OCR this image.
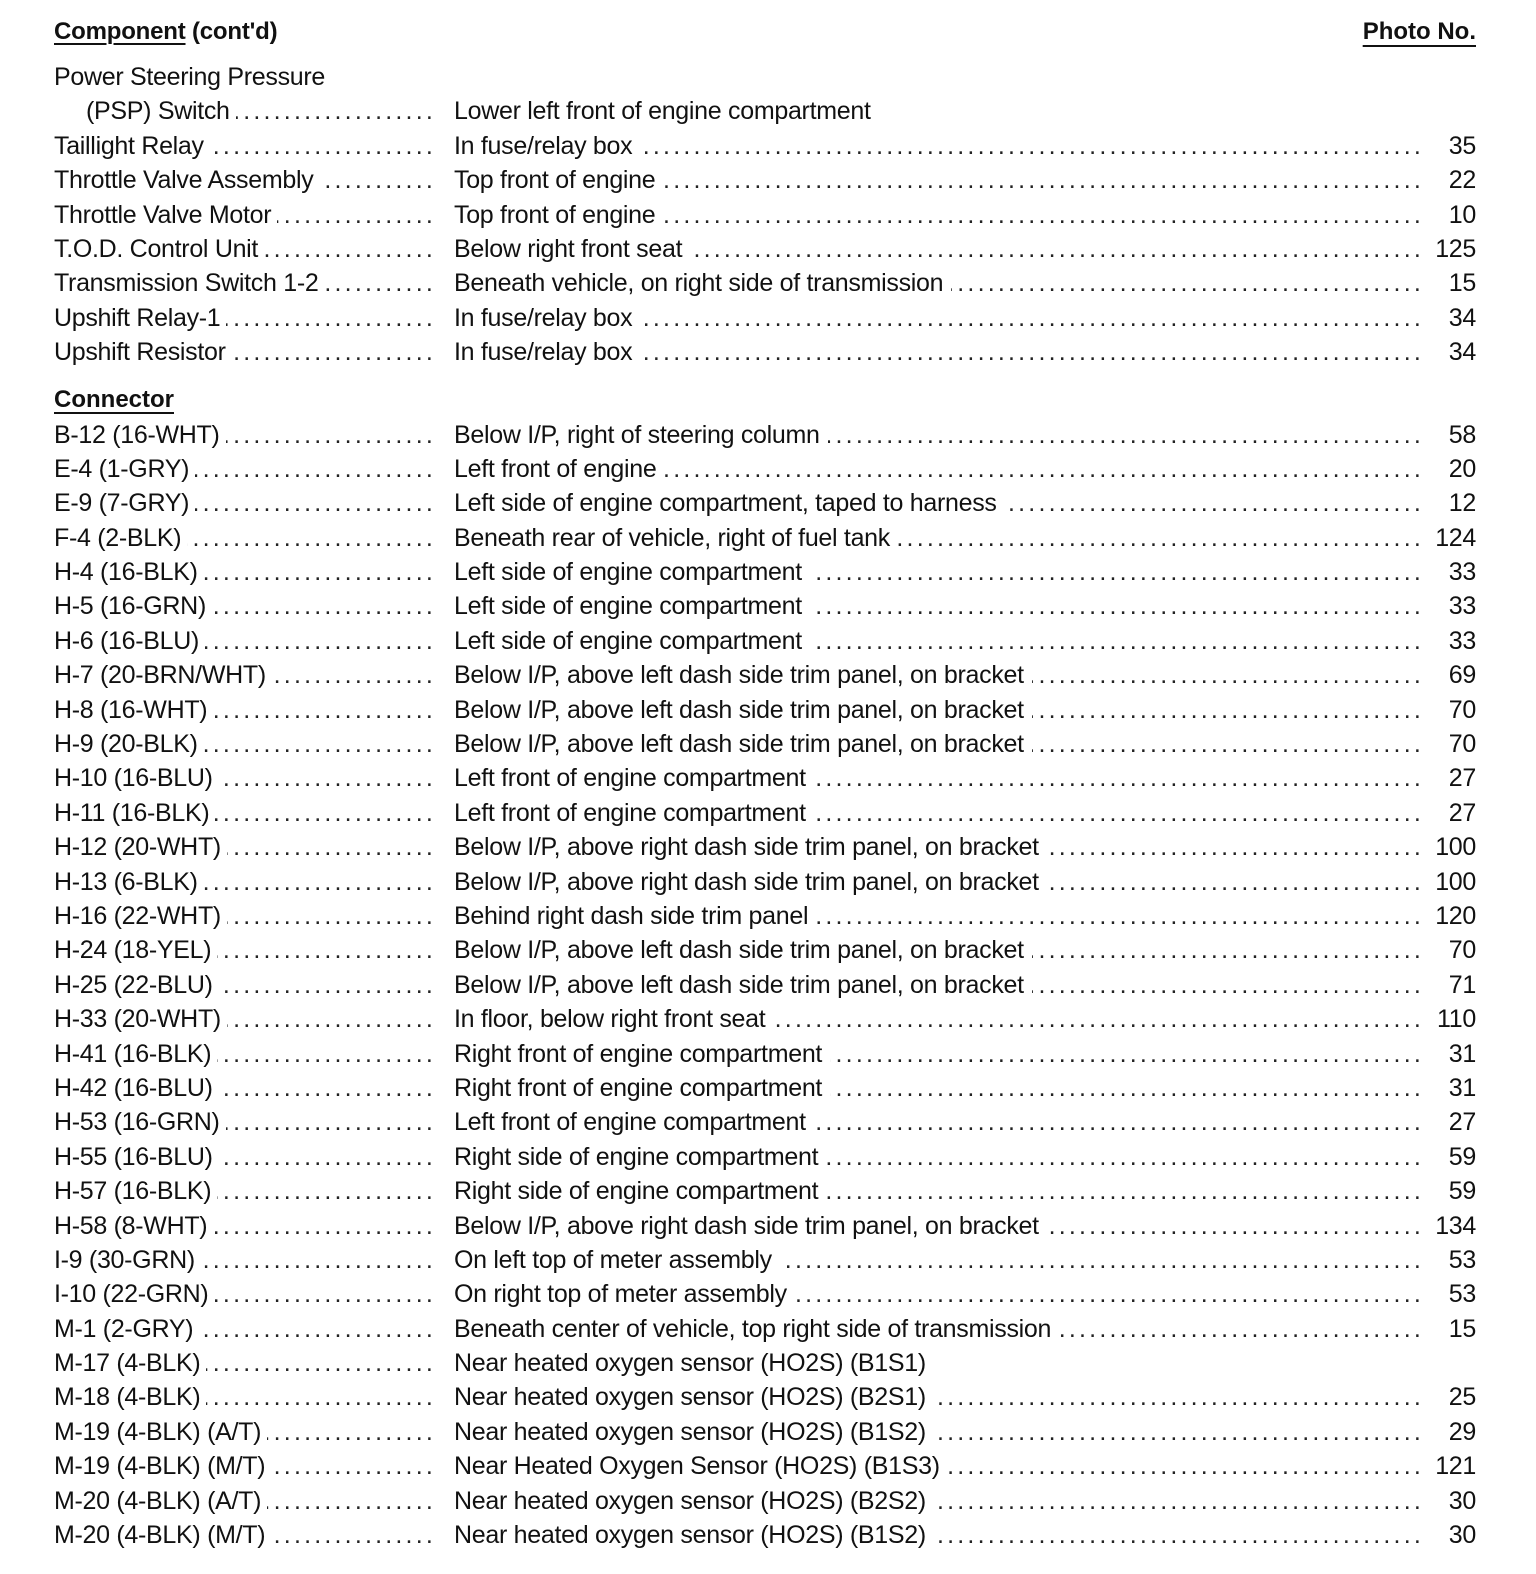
Component (cont'd)	Photo No.
Power Steering Pressure
(PSP) Switch .....	Lower left front of engine compartment
Taillight Relay .....	In fuse/relay box .....	35
Throttle Valve Assembly .....	Top front of engine .....	22
Throttle Valve Motor .....	Top front of engine .....	10
T.O.D. Control Unit .....	Below right front seat .....	125
Transmission Switch 1-2 .....	Beneath vehicle, on right side of transmission .....	15
Upshift Relay-1 .....	In fuse/relay box .....	34
Upshift Resistor .....	In fuse/relay box .....	34
Connector
B-12 (16-WHT) .....	Below I/P, right of steering column .....	58
E-4 (1-GRY) .....	Left front of engine .....	20
E-9 (7-GRY) .....	Left side of engine compartment, taped to harness .....	12
F-4 (2-BLK) .....	Beneath rear of vehicle, right of fuel tank .....	124
H-4 (16-BLK) .....	Left side of engine compartment .....	33
H-5 (16-GRN) .....	Left side of engine compartment .....	33
H-6 (16-BLU) .....	Left side of engine compartment .....	33
H-7 (20-BRN/WHT) .....	Below I/P, above left dash side trim panel, on bracket .....	69
H-8 (16-WHT) .....	Below I/P, above left dash side trim panel, on bracket .....	70
H-9 (20-BLK) .....	Below I/P, above left dash side trim panel, on bracket .....	70
H-10 (16-BLU) .....	Left front of engine compartment .....	27
H-11 (16-BLK) .....	Left front of engine compartment .....	27
H-12 (20-WHT) .....	Below I/P, above right dash side trim panel, on bracket .....	100
H-13 (6-BLK) .....	Below I/P, above right dash side trim panel, on bracket .....	100
H-16 (22-WHT) .....	Behind right dash side trim panel .....	120
H-24 (18-YEL) .....	Below I/P, above left dash side trim panel, on bracket .....	70
H-25 (22-BLU) .....	Below I/P, above left dash side trim panel, on bracket .....	71
H-33 (20-WHT) .....	In floor, below right front seat .....	110
H-41 (16-BLK) .....	Right front of engine compartment .....	31
H-42 (16-BLU) .....	Right front of engine compartment .....	31
H-53 (16-GRN) .....	Left front of engine compartment .....	27
H-55 (16-BLU) .....	Right side of engine compartment .....	59
H-57 (16-BLK) .....	Right side of engine compartment .....	59
H-58 (8-WHT) .....	Below I/P, above right dash side trim panel, on bracket .....	134
I-9 (30-GRN) .....	On left top of meter assembly .....	53
I-10 (22-GRN) .....	On right top of meter assembly .....	53
M-1 (2-GRY) .....	Beneath center of vehicle, top right side of transmission .....	15
M-17 (4-BLK) .....	Near heated oxygen sensor (HO2S) (B1S1)
M-18 (4-BLK) .....	Near heated oxygen sensor (HO2S) (B2S1) .....	25
M-19 (4-BLK) (A/T) .....	Near heated oxygen sensor (HO2S) (B1S2) .....	29
M-19 (4-BLK) (M/T) .....	Near Heated Oxygen Sensor (HO2S) (B1S3) .....	121
M-20 (4-BLK) (A/T) .....	Near heated oxygen sensor (HO2S) (B2S2) .....	30
M-20 (4-BLK) (M/T) .....	Near heated oxygen sensor (HO2S) (B1S2) .....	30
